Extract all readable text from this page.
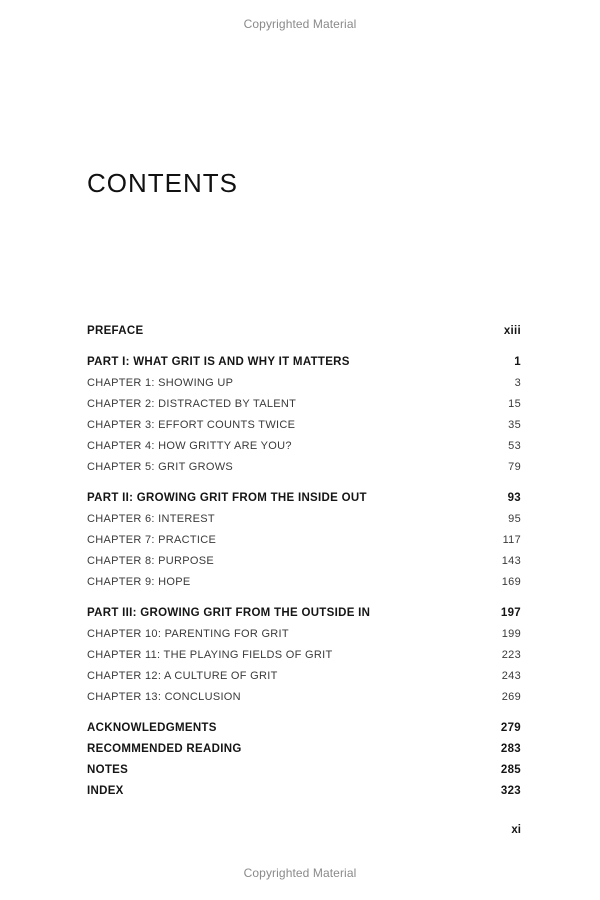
Copyrighted Material
CONTENTS
PREFACE	xiii
PART I: WHAT GRIT IS AND WHY IT MATTERS	1
CHAPTER 1: SHOWING UP	3
CHAPTER 2: DISTRACTED BY TALENT	15
CHAPTER 3: EFFORT COUNTS TWICE	35
CHAPTER 4: HOW GRITTY ARE YOU?	53
CHAPTER 5: GRIT GROWS	79
PART II: GROWING GRIT FROM THE INSIDE OUT	93
CHAPTER 6: INTEREST	95
CHAPTER 7: PRACTICE	117
CHAPTER 8: PURPOSE	143
CHAPTER 9: HOPE	169
PART III: GROWING GRIT FROM THE OUTSIDE IN	197
CHAPTER 10: PARENTING FOR GRIT	199
CHAPTER 11: THE PLAYING FIELDS OF GRIT	223
CHAPTER 12: A CULTURE OF GRIT	243
CHAPTER 13: CONCLUSION	269
ACKNOWLEDGMENTS	279
RECOMMENDED READING	283
NOTES	285
INDEX	323
xi
Copyrighted Material
